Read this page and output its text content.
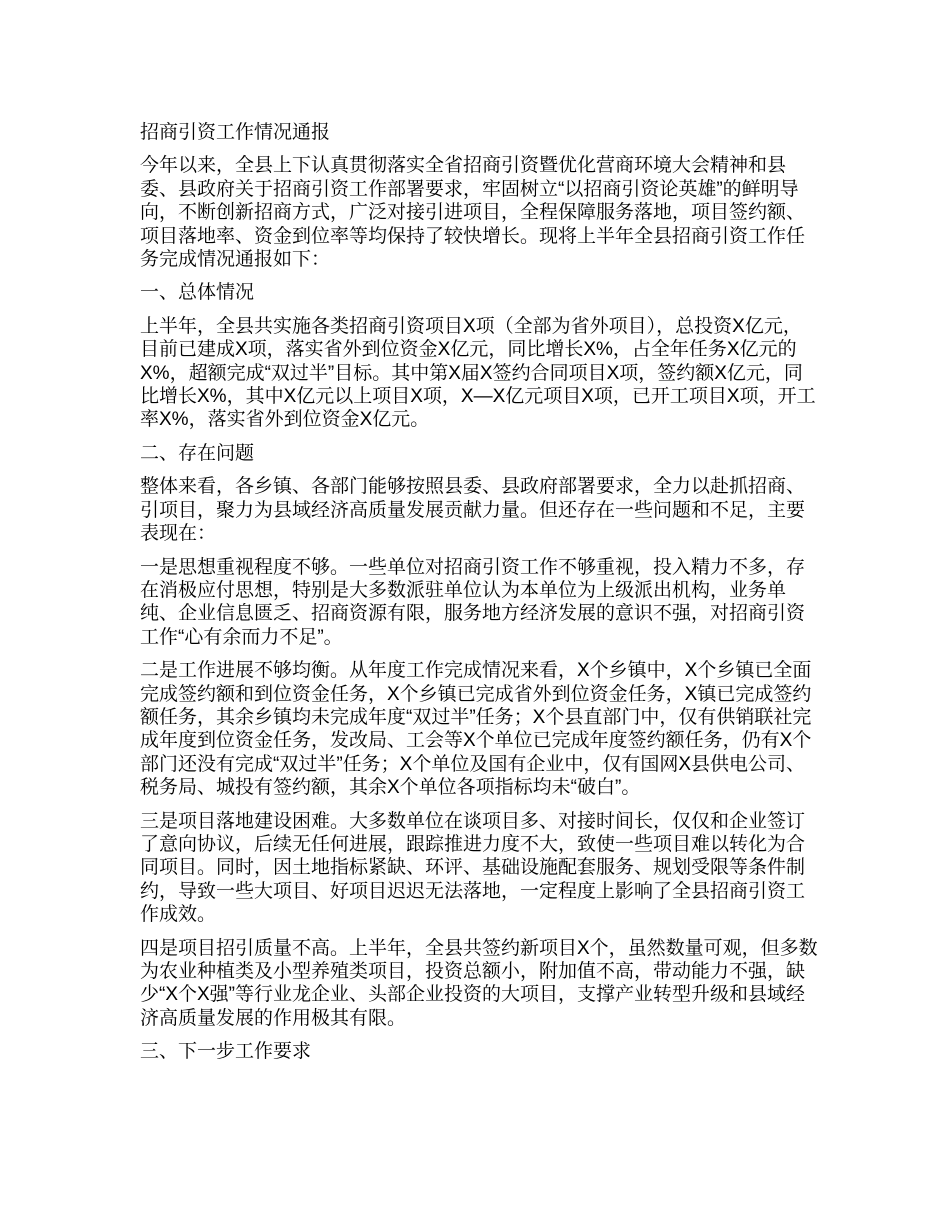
招商引资工作情况通报

今年以来，全县上下认真贯彻落实全省招商引资暨优化营商环境大会精神和县委、县政府关于招商引资工作部署要求，牢固树立“以招商引资论英雄”的鲜明导向，不断创新招商方式，广泛对接引进项目，全程保障服务落地，项目签约额、项目落地率、资金到位率等均保持了较快增长。现将上半年全县招商引资工作任务完成情况通报如下：

一、总体情况

上半年，全县共实施各类招商引资项目X项（全部为省外项目），总投资X亿元，目前已建成X项，落实省外到位资金X亿元，同比增长X%，占全年任务X亿元的X%，超额完成“双过半”目标。其中第X届X签约合同项目X项，签约额X亿元，同比增长X%，其中X亿元以上项目X项，X—X亿元项目X项，已开工项目X项，开工率X%，落实省外到位资金X亿元。

二、存在问题

整体来看，各乡镇、各部门能够按照县委、县政府部署要求，全力以赴抓招商、引项目，聚力为县域经济高质量发展贡献力量。但还存在一些问题和不足，主要表现在：

一是思想重视程度不够。一些单位对招商引资工作不够重视，投入精力不多，存在消极应付思想，特别是大多数派驻单位认为本单位为上级派出机构，业务单纯、企业信息匮乏、招商资源有限，服务地方经济发展的意识不强，对招商引资工作“心有余而力不足”。

二是工作进展不够均衡。从年度工作完成情况来看，X个乡镇中，X个乡镇已全面完成签约额和到位资金任务，X个乡镇已完成省外到位资金任务，X镇已完成签约额任务，其余乡镇均未完成年度“双过半”任务；X个县直部门中，仅有供销联社完成年度到位资金任务，发改局、工会等X个单位已完成年度签约额任务，仍有X个部门还没有完成“双过半”任务；X个单位及国有企业中，仅有国网X县供电公司、税务局、城投有签约额，其余X个单位各项指标均未“破白”。

三是项目落地建设困难。大多数单位在谈项目多、对接时间长，仅仅和企业签订了意向协议，后续无任何进展，跟踪推进力度不大，致使一些项目难以转化为合同项目。同时，因土地指标紧缺、环评、基础设施配套服务、规划受限等条件制约，导致一些大项目、好项目迟迟无法落地，一定程度上影响了全县招商引资工作成效。

四是项目招引质量不高。上半年，全县共签约新项目X个，虽然数量可观，但多数为农业种植类及小型养殖类项目，投资总额小，附加值不高，带动能力不强，缺少“X个X强”等行业龙企业、头部企业投资的大项目，支撑产业转型升级和县域经济高质量发展的作用极其有限。

三、下一步工作要求
